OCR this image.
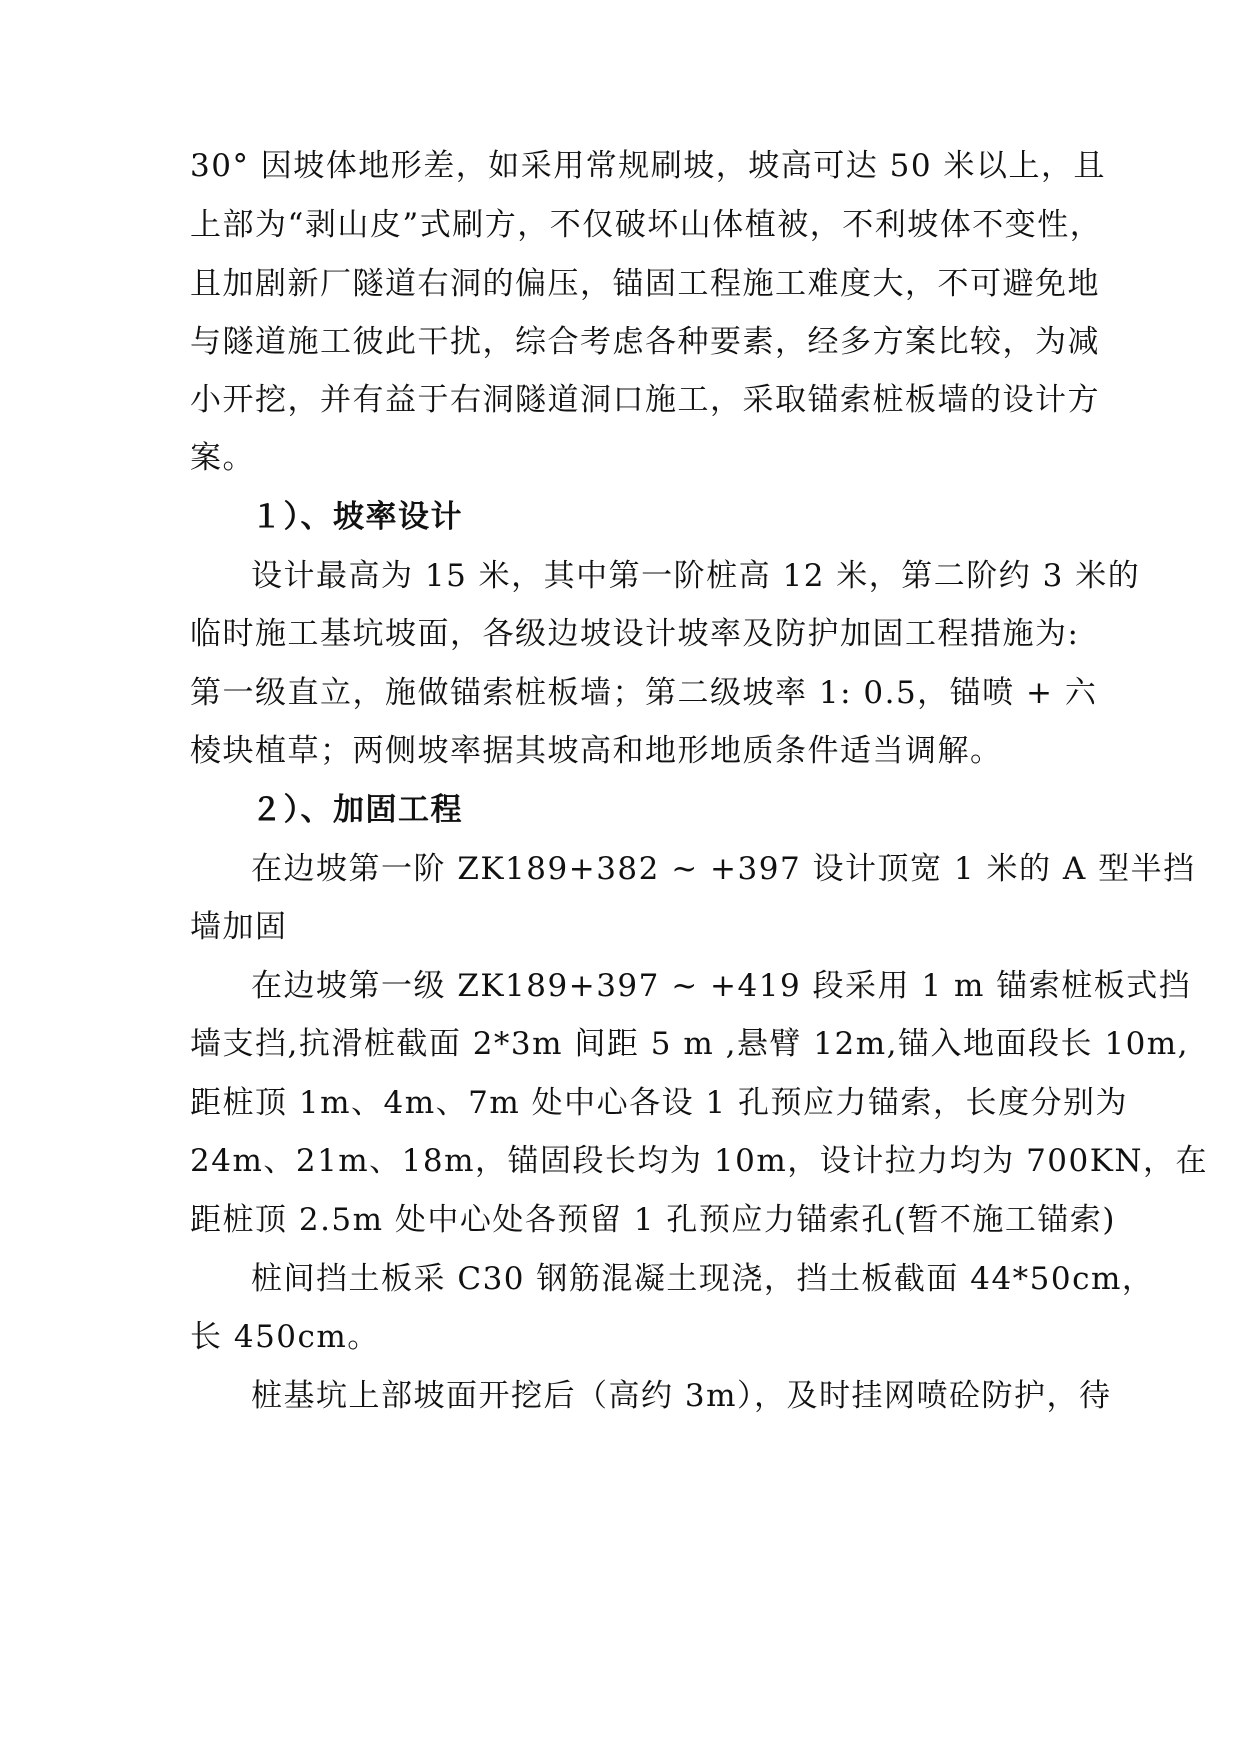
30° 因坡体地形差，如采用常规刷坡，坡高可达 50 米以上，且
上部为“剥山皮”式刷方，不仅破坏山体植被，不利坡体不变性，
且加剧新厂隧道右洞的偏压，锚固工程施工难度大，不可避免地
与隧道施工彼此干扰，综合考虑各种要素，经多方案比较，为减
小开挖，并有益于右洞隧道洞口施工，采取锚索桩板墙的设计方
案。
１）、坡率设计
设计最高为 15 米，其中第一阶桩高 12 米，第二阶约 3 米的
临时施工基坑坡面，各级边坡设计坡率及防护加固工程措施为:
第一级直立，施做锚索桩板墙；第二级坡率 1: 0.5，锚喷 + 六
棱块植草；两侧坡率据其坡高和地形地质条件适当调解。
２）、加固工程
在边坡第一阶 ZK189+382 ~ +397 设计顶宽 1 米的 A 型半挡
墙加固
在边坡第一级 ZK189+397 ~ +419 段采用 1 m 锚索桩板式挡
墙支挡,抗滑桩截面 2*3m 间距 5 m ,悬臂 12m,锚入地面段长 10m,
距桩顶 1m、4m、7m 处中心各设 1 孔预应力锚索，长度分别为
24m、21m、18m，锚固段长均为 10m，设计拉力均为 700KN，在
距桩顶 2.5m 处中心处各预留 1 孔预应力锚索孔(暂不施工锚索)
桩间挡土板采 C30 钢筋混凝土现浇，挡土板截面 44*50cm，
长 450cm。
桩基坑上部坡面开挖后（高约 3m），及时挂网喷砼防护，待
